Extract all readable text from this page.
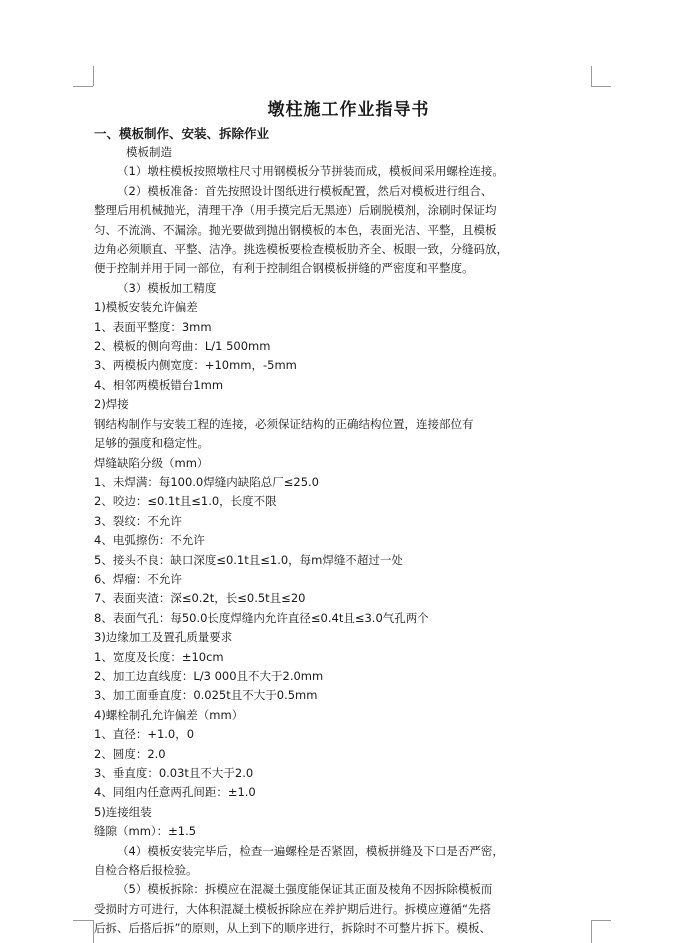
墩柱施工作业指导书
一、模板制作、安装、拆除作业

模板制造

（1）墩柱模板按照墩柱尺寸用钢模板分节拼装而成，模板间采用螺栓连接。

（2）模板准备：首先按照设计图纸进行模板配置，然后对模板进行组合、

整理后用机械抛光，清理干净（用手摸完后无黑迹）后刷脱模剂，涂刷时保证均

匀、不流淌、不漏涂。抛光要做到抛出钢模板的本色，表面光洁、平整，且模板

边角必须顺直、平整、洁净。挑选模板要检查模板肋齐全、板眼一致，分缝码放，

便于控制并用于同一部位，有利于控制组合钢模板拼缝的严密度和平整度。

（3）模板加工精度

1)模板安装允许偏差

1、表面平整度：3mm

2、模板的侧向弯曲：L/1 500mm

3、两模板内侧宽度：+10mm，-5mm

4、相邻两模板错台1mm

2)焊接

钢结构制作与安装工程的连接，必须保证结构的正确结构位置，连接部位有

足够的强度和稳定性。

焊缝缺陷分级（mm）

1、未焊满：每100.0焊缝内缺陷总厂≤25.0

2、咬边：≤0.1t且≤1.0，长度不限

3、裂纹：不允许

4、电弧擦伤：不允许

5、接头不良：缺口深度≤0.1t且≤1.0，每m焊缝不超过一处

6、焊瘤：不允许

7、表面夹渣：深≤0.2t，长≤0.5t且≤20

8、表面气孔：每50.0长度焊缝内允许直径≤0.4t且≤3.0气孔两个

3)边缘加工及置孔质量要求

1、宽度及长度：±10cm

2、加工边直线度：L/3 000且不大于2.0mm

3、加工面垂直度：0.025t且不大于0.5mm

4)螺栓制孔允许偏差（mm）

1、直径：+1.0，0

2、圆度：2.0

3、垂直度：0.03t且不大于2.0

4、同组内任意两孔间距：±1.0

5)连接组装

缝隙（mm）：±1.5

（4）模板安装完毕后，检查一遍螺栓是否紧固，模板拼缝及下口是否严密，

自检合格后报检验。

（5）模板拆除：拆模应在混凝土强度能保证其正面及棱角不因拆除模板而

受损时方可进行，大体积混凝土模板拆除应在养护期后进行。拆模应遵循“先搭

后拆、后搭后拆”的原则，从上到下的顺序进行，拆除时不可整片拆下。模板、
